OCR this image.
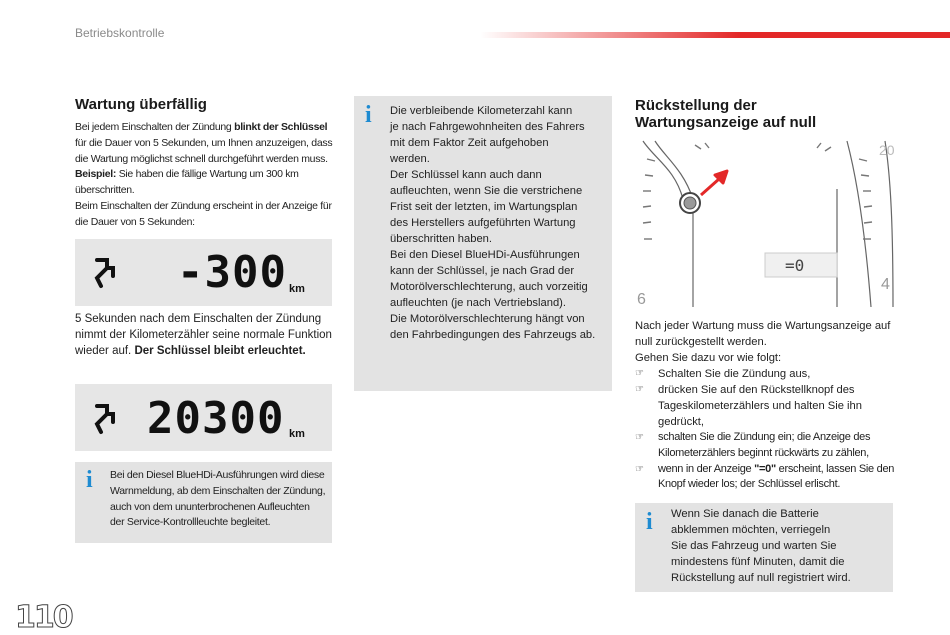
Betriebskontrolle
Wartung überfällig
Bei jedem Einschalten der Zündung blinkt der Schlüssel für die Dauer von 5 Sekunden, um Ihnen anzuzeigen, dass die Wartung möglichst schnell durchgeführt werden muss.
Beispiel: Sie haben die fällige Wartung um 300 km überschritten.
Beim Einschalten der Zündung erscheint in der Anzeige für die Dauer von 5 Sekunden:
-300 km
5 Sekunden nach dem Einschalten der Zündung nimmt der Kilometerzähler seine normale Funktion wieder auf. Der Schlüssel bleibt erleuchtet.
20300 km
i Bei den Diesel BlueHDi-Ausführungen wird diese Warnmeldung, ab dem Einschalten der Zündung, auch von dem ununterbrochenen Aufleuchten der Service-Kontrollleuchte begleitet.
i Die verbleibende Kilometerzahl kann
je nach Fahrgewohnheiten des Fahrers
mit dem Faktor Zeit aufgehoben
werden.
Der Schlüssel kann auch dann
aufleuchten, wenn Sie die verstrichene
Frist seit der letzten, im Wartungsplan
des Herstellers aufgeführten Wartung
überschritten haben.
Bei den Diesel BlueHDi-Ausführungen
kann der Schlüssel, je nach Grad der
Motorölverschlechterung, auch vorzeitig
aufleuchten (je nach Vertriebsland).
Die Motorölverschlechterung hängt von
den Fahrbedingungen des Fahrzeugs ab.
Rückstellung der
Wartungsanzeige auf null
=0
20
4
6
Nach jeder Wartung muss die Wartungsanzeige auf null zurückgestellt werden.
Gehen Sie dazu vor wie folgt:
☞ Schalten Sie die Zündung aus,
☞ drücken Sie auf den Rückstellknopf des Tageskilometerzählers und halten Sie ihn gedrückt,
☞ schalten Sie die Zündung ein; die Anzeige des Kilometerzählers beginnt rückwärts zu zählen,
☞ wenn in der Anzeige "=0" erscheint, lassen Sie den Knopf wieder los; der Schlüssel erlischt.
i Wenn Sie danach die Batterie
abklemmen möchten, verriegeln
Sie das Fahrzeug und warten Sie
mindestens fünf Minuten, damit die
Rückstellung auf null registriert wird.
110
